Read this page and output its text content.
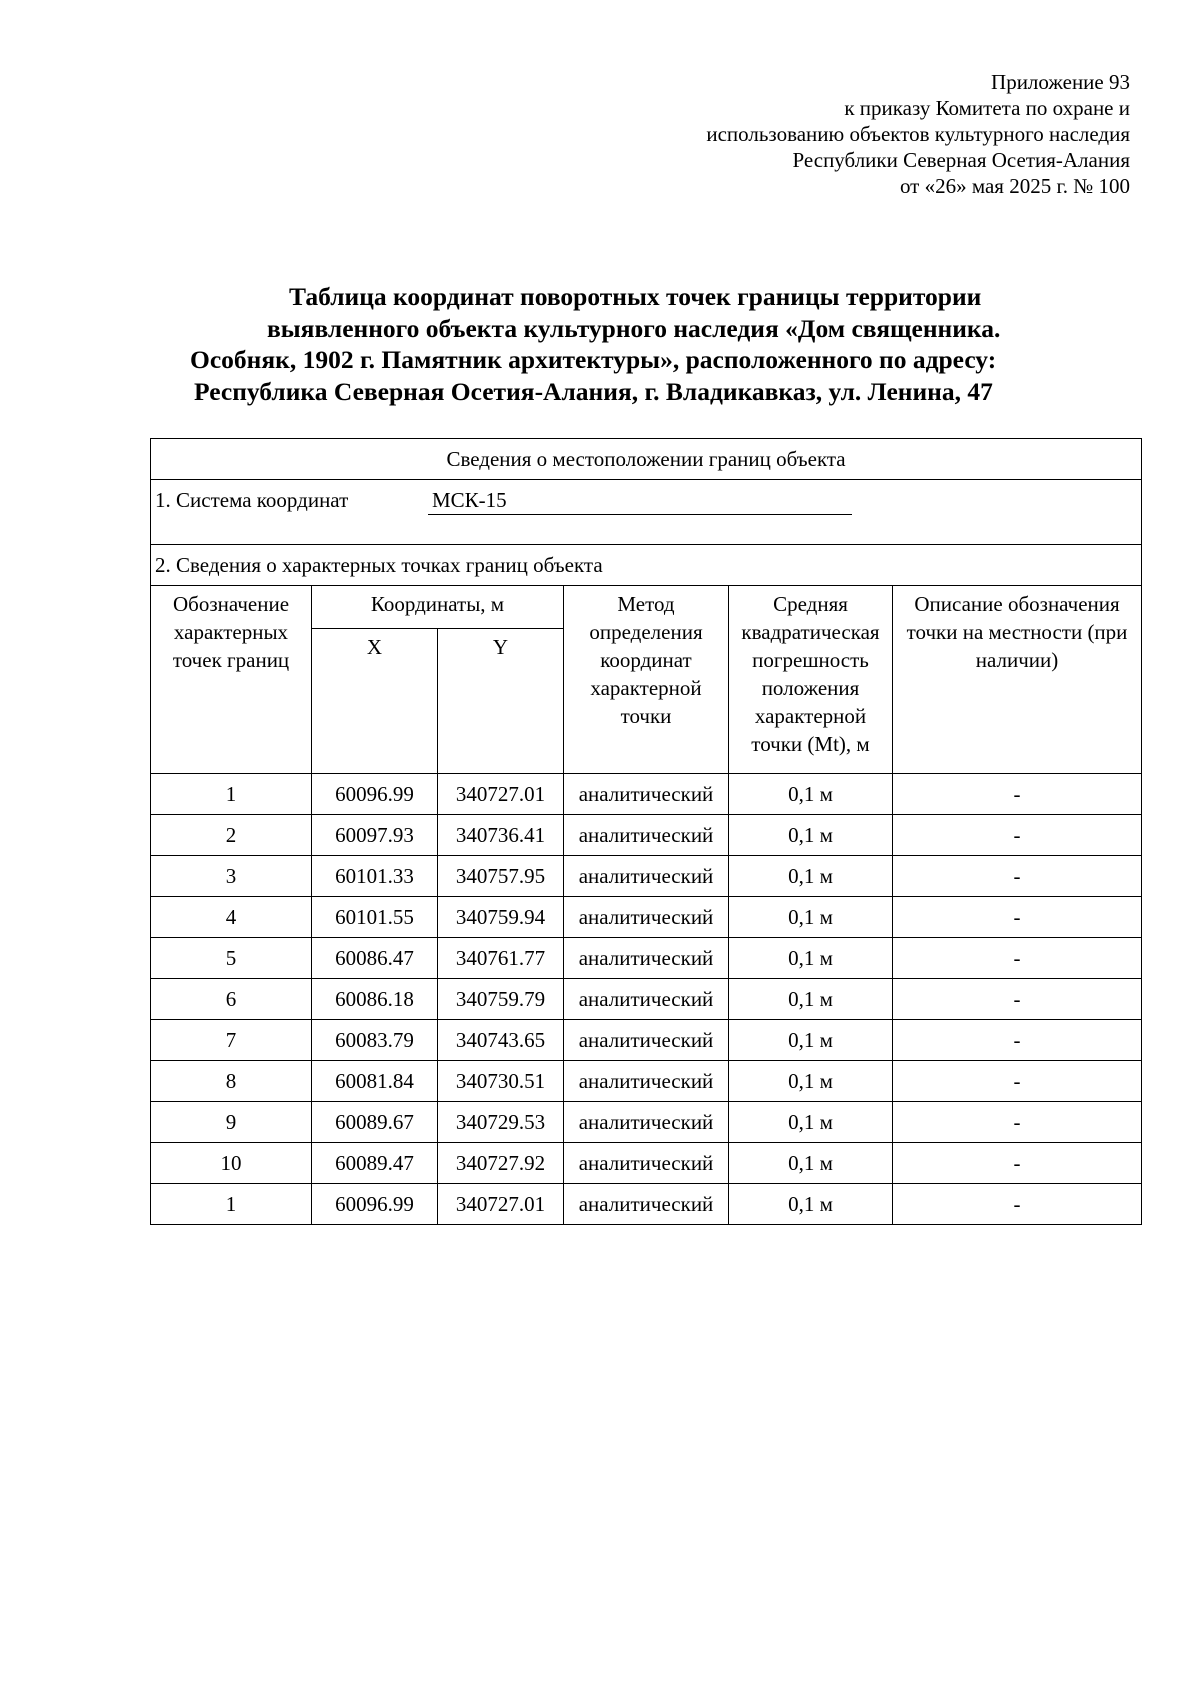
Приложение 93
к приказу Комитета по охране и
использованию объектов культурного наследия
Республики Северная Осетия-Алания
от «26» мая 2025 г. № 100
Таблица координат поворотных точек границы территории
выявленного объекта культурного наследия «Дом священника.
Особняк, 1902 г. Памятник архитектуры», расположенного по адресу:
Республика Северная Осетия-Алания, г. Владикавказ, ул. Ленина, 47
Сведения о местоположении границ объекта					

1. Система координат МСК-15					

2. Сведения о характерных точках границ объекта					
Обозначение характерных точек границ	Координаты, м		Метод определения координат характерной точки	Средняя квадратическая погрешность положения характерной точки (Mt), м	Описание обозначения точки на местности (при наличии)
	X	Y			
1	60096.99	340727.01	аналитический	0,1 м	-
2	60097.93	340736.41	аналитический	0,1 м	-
3	60101.33	340757.95	аналитический	0,1 м	-
4	60101.55	340759.94	аналитический	0,1 м	-
5	60086.47	340761.77	аналитический	0,1 м	-
6	60086.18	340759.79	аналитический	0,1 м	-
7	60083.79	340743.65	аналитический	0,1 м	-
8	60081.84	340730.51	аналитический	0,1 м	-
9	60089.67	340729.53	аналитический	0,1 м	-
10	60089.47	340727.92	аналитический	0,1 м	-
1	60096.99	340727.01	аналитический	0,1 м	-
